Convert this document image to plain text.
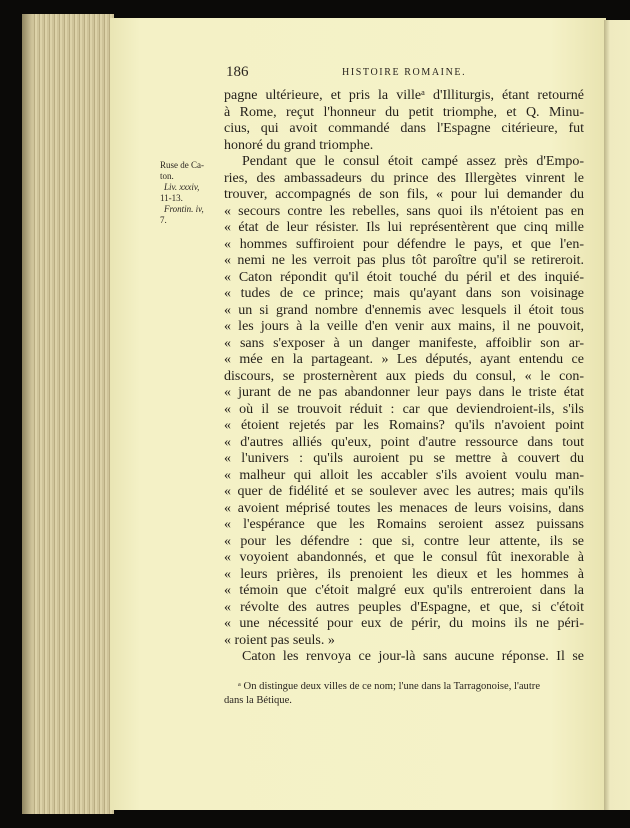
186	HISTOIRE ROMAINE.
Ruse de Ca-
ton.
Liv. xxxiv,
11-13.
Frontin. iv,
7.
pagne ultérieure, et pris la villeᵃ d'Illiturgis, étant retourné
à Rome, reçut l'honneur du petit triomphe, et Q. Minu-
cius, qui avoit commandé dans l'Espagne citérieure, fut
honoré du grand triomphe.
Pendant que le consul étoit campé assez près d'Empo-
ries, des ambassadeurs du prince des Illergètes vinrent le
trouver, accompagnés de son fils, « pour lui demander du
« secours contre les rebelles, sans quoi ils n'étoient pas en
« état de leur résister. Ils lui représentèrent que cinq mille
« hommes suffiroient pour défendre le pays, et que l'en-
« nemi ne les verroit pas plus tôt paroître qu'il se retireroit.
« Caton répondit qu'il étoit touché du péril et des inquié-
« tudes de ce prince; mais qu'ayant dans son voisinage
« un si grand nombre d'ennemis avec lesquels il étoit tous
« les jours à la veille d'en venir aux mains, il ne pouvoit,
« sans s'exposer à un danger manifeste, affoiblir son ar-
« mée en la partageant. » Les députés, ayant entendu ce
discours, se prosternèrent aux pieds du consul, « le con-
« jurant de ne pas abandonner leur pays dans le triste état
« où il se trouvoit réduit : car que deviendroient-ils, s'ils
« étoient rejetés par les Romains? qu'ils n'avoient point
« d'autres alliés qu'eux, point d'autre ressource dans tout
« l'univers : qu'ils auroient pu se mettre à couvert du
« malheur qui alloit les accabler s'ils avoient voulu man-
« quer de fidélité et se soulever avec les autres; mais qu'ils
« avoient méprisé toutes les menaces de leurs voisins, dans
« l'espérance que les Romains seroient assez puissans
« pour les défendre : que si, contre leur attente, ils se
« voyoient abandonnés, et que le consul fût inexorable à
« leurs prières, ils prenoient les dieux et les hommes à
« témoin que c'étoit malgré eux qu'ils entreroient dans la
« révolte des autres peuples d'Espagne, et que, si c'étoit
« une nécessité pour eux de périr, du moins ils ne péri-
« roient pas seuls. »
Caton les renvoya ce jour-là sans aucune réponse. Il se
ᵃ On distingue deux villes de ce nom; l'une dans la Tarragonoise, l'autre
dans la Bétique.
